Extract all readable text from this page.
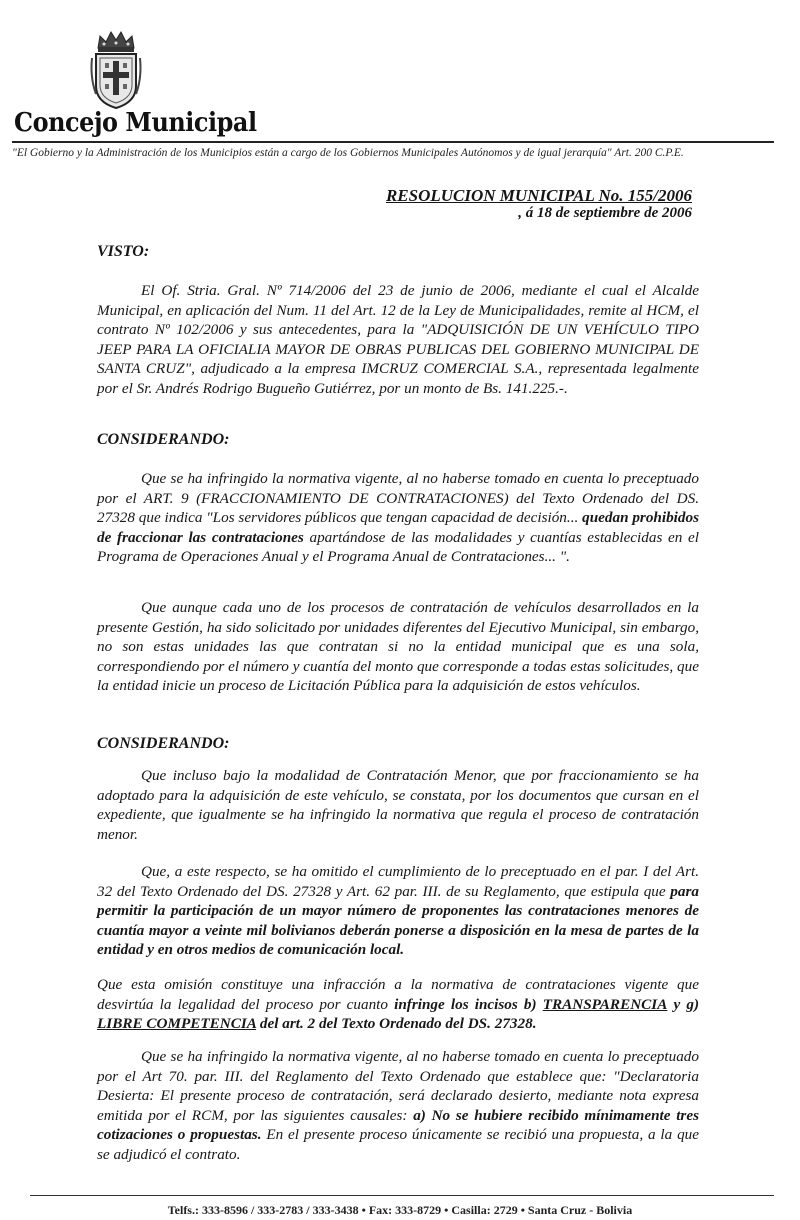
Concejo Municipal
"El Gobierno y la Administración de los Municipios están a cargo de los Gobiernos Municipales Autónomos y de igual jerarquía" Art. 200 C.P.E.
RESOLUCION MUNICIPAL No. 155/2006
, á 18 de septiembre de 2006
VISTO:
El Of. Stria. Gral. Nº 714/2006 del 23 de junio de 2006, mediante el cual el Alcalde Municipal, en aplicación del Num. 11 del Art. 12 de la Ley de Municipalidades, remite al HCM, el contrato Nº 102/2006 y sus antecedentes, para la "ADQUISICIÓN DE UN VEHÍCULO TIPO JEEP PARA LA OFICIALIA MAYOR DE OBRAS PUBLICAS DEL GOBIERNO MUNICIPAL DE SANTA CRUZ", adjudicado a la empresa IMCRUZ COMERCIAL S.A., representada legalmente por el Sr. Andrés Rodrigo Bugueño Gutiérrez, por un monto de Bs. 141.225.-.
CONSIDERANDO:
Que se ha infringido la normativa vigente, al no haberse tomado en cuenta lo preceptuado por el ART. 9 (FRACCIONAMIENTO DE CONTRATACIONES) del Texto Ordenado del DS. 27328 que indica "Los servidores públicos que tengan capacidad de decisión... quedan prohibidos de fraccionar las contrataciones apartándose de las modalidades y cuantías establecidas en el Programa de Operaciones Anual y el Programa Anual de Contrataciones... ".
Que aunque cada uno de los procesos de contratación de vehículos desarrollados en la presente Gestión, ha sido solicitado por unidades diferentes del Ejecutivo Municipal, sin embargo, no son estas unidades las que contratan si no la entidad municipal que es una sola, correspondiendo por el número y cuantía del monto que corresponde a todas estas solicitudes, que la entidad inicie un proceso de Licitación Pública para la adquisición de estos vehículos.
CONSIDERANDO:
Que incluso bajo la modalidad de Contratación Menor, que por fraccionamiento se ha adoptado para la adquisición de este vehículo, se constata, por los documentos que cursan en el expediente, que igualmente se ha infringido la normativa que regula el proceso de contratación menor.
Que, a este respecto, se ha omitido el cumplimiento de lo preceptuado en el par. I del Art. 32 del Texto Ordenado del DS. 27328 y Art. 62 par. III. de su Reglamento, que estipula que para permitir la participación de un mayor número de proponentes las contrataciones menores de cuantía mayor a veinte mil bolivianos deberán ponerse a disposición en la mesa de partes de la entidad y en otros medios de comunicación local.
Que esta omisión constituye una infracción a la normativa de contrataciones vigente que desvirtúa la legalidad del proceso por cuanto infringe los incisos b) TRANSPARENCIA y g) LIBRE COMPETENCIA del art. 2 del Texto Ordenado del DS. 27328.
Que se ha infringido la normativa vigente, al no haberse tomado en cuenta lo preceptuado por el Art 70. par. III. del Reglamento del Texto Ordenado que establece que: "Declaratoria Desierta: El presente proceso de contratación, será declarado desierto, mediante nota expresa emitida por el RCM, por las siguientes causales: a) No se hubiere recibido mínimamente tres cotizaciones o propuestas. En el presente proceso únicamente se recibió una propuesta, a la que se adjudicó el contrato.
Telfs.: 333-8596 / 333-2783 / 333-3438 • Fax: 333-8729 • Casilla: 2729 • Santa Cruz - Bolivia
